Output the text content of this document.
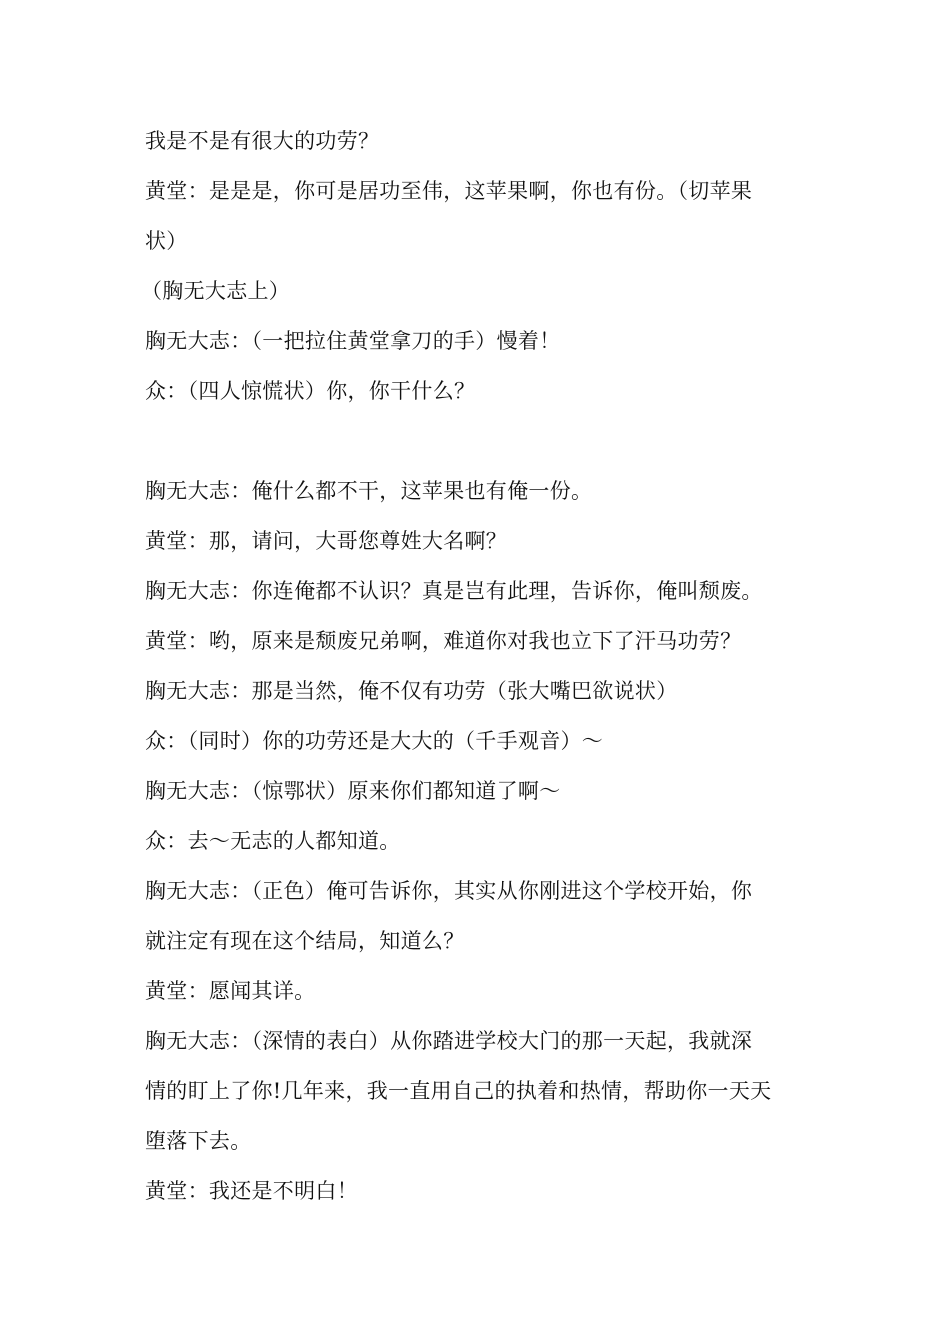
我是不是有很大的功劳？
黄堂：是是是，你可是居功至伟，这苹果啊，你也有份。（切苹果
状）
（胸无大志上）
胸无大志：（一把拉住黄堂拿刀的手）慢着！
众：（四人惊慌状）你，你干什么？
胸无大志：俺什么都不干，这苹果也有俺一份。
黄堂：那，请问，大哥您尊姓大名啊？
胸无大志：你连俺都不认识？真是岂有此理，告诉你，俺叫颓废。
黄堂：哟，原来是颓废兄弟啊，难道你对我也立下了汗马功劳？
胸无大志：那是当然，俺不仅有功劳（张大嘴巴欲说状）
众：（同时）你的功劳还是大大的（千手观音）～
胸无大志：（惊鄂状）原来你们都知道了啊～
众：去～无志的人都知道。
胸无大志：（正色）俺可告诉你，其实从你刚进这个学校开始，你
就注定有现在这个结局，知道么？
黄堂：愿闻其详。
胸无大志：（深情的表白）从你踏进学校大门的那一天起，我就深
情的盯上了你!几年来，我一直用自己的执着和热情，帮助你一天天
堕落下去。
黄堂：我还是不明白！
